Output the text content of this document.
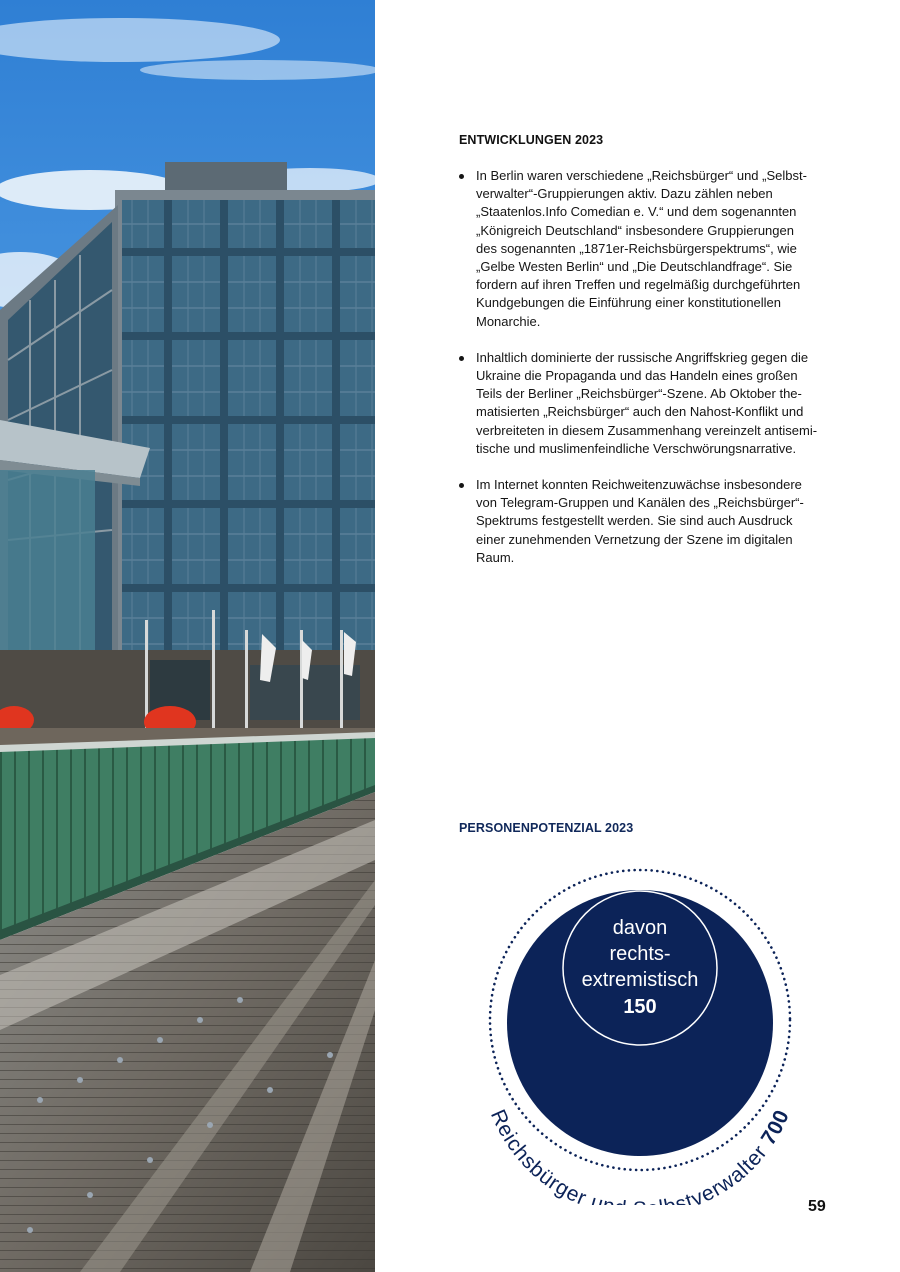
ENTWICKLUNGEN 2023
In Berlin waren verschiedene „Reichsbürger“ und „Selbst-
verwalter“-Gruppierungen aktiv. Dazu zählen neben
„Staatenlos.Info Comedian e. V.“ und dem sogenannten
„Königreich Deutschland“ insbesondere Gruppierungen
des sogenannten „1871er-Reichsbürgerspektrums“, wie
„Gelbe Westen Berlin“ und „Die Deutschlandfrage“. Sie
fordern auf ihren Treffen und regelmäßig durchgeführten
Kundgebungen die Einführung einer konstitutionellen
Monarchie.
Inhaltlich dominierte der russische Angriffskrieg gegen die
Ukraine die Propaganda und das Handeln eines großen
Teils der Berliner „Reichsbürger“-Szene. Ab Oktober the-
matisierten „Reichsbürger“ auch den Nahost-Konflikt und
verbreiteten in diesem Zusammenhang vereinzelt antisemi-
tische und muslimenfeindliche Verschwörungsnarrative.
Im Internet konnten Reichweitenzuwächse insbesondere
von Telegram-Gruppen und Kanälen des „Reichsbürger“-
Spektrums festgestellt werden. Sie sind auch Ausdruck
einer zunehmenden Vernetzung der Szene im digitalen
Raum.
PERSONENPOTENZIAL 2023
davon
rechts-
extremistisch
150
Reichsbürger u stverwalter 700
59
